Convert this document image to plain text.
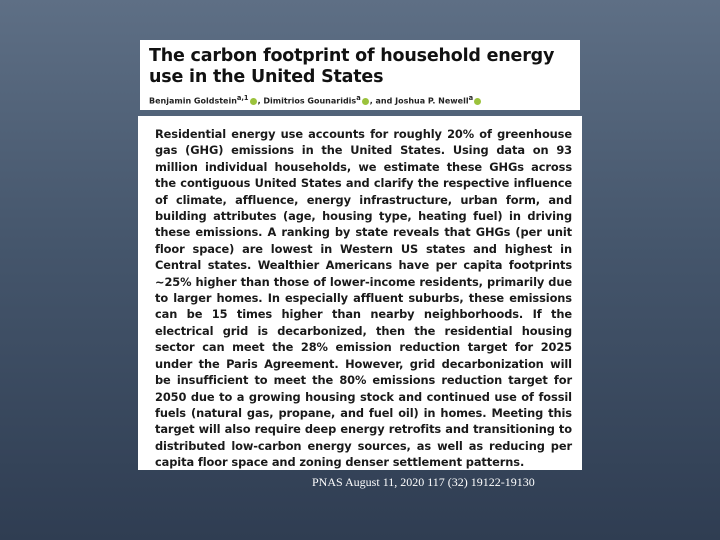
The carbon footprint of household energy use in the United States
Benjamin Goldstein$^{a,1}$ , Dimitrios Gounaridis$^a$ , and Joshua P. Newell$^a$

Residential energy use accounts for roughly 20% of greenhouse gas (GHG) emissions in the United States. Using data on 93 million individual households, we estimate these GHGs across the contiguous United States and clarify the respective influence of climate, affluence, energy infrastructure, urban form, and building attributes (age, housing type, heating fuel) in driving these emissions. A ranking by state reveals that GHGs (per unit floor space) are lowest in Western US states and highest in Central states. Wealthier Americans have per capita footprints ~25% higher than those of lower-income residents, primarily due to larger homes. In especially affluent suburbs, these emissions can be 15 times higher than nearby neighborhoods. If the electrical grid is decarbonized, then the residential housing sector can meet the 28% emission reduction target for 2025 under the Paris Agreement. However, grid decarbonization will be insufficient to meet the 80% emissions reduction target for 2050 due to a growing housing stock and continued use of fossil fuels (natural gas, propane, and fuel oil) in homes. Meeting this target will also require deep energy retrofits and transitioning to distributed low-carbon energy sources, as well as reducing per capita floor space and zoning denser settlement patterns.

PNAS August 11, 2020 117 (32) 19122-19130
